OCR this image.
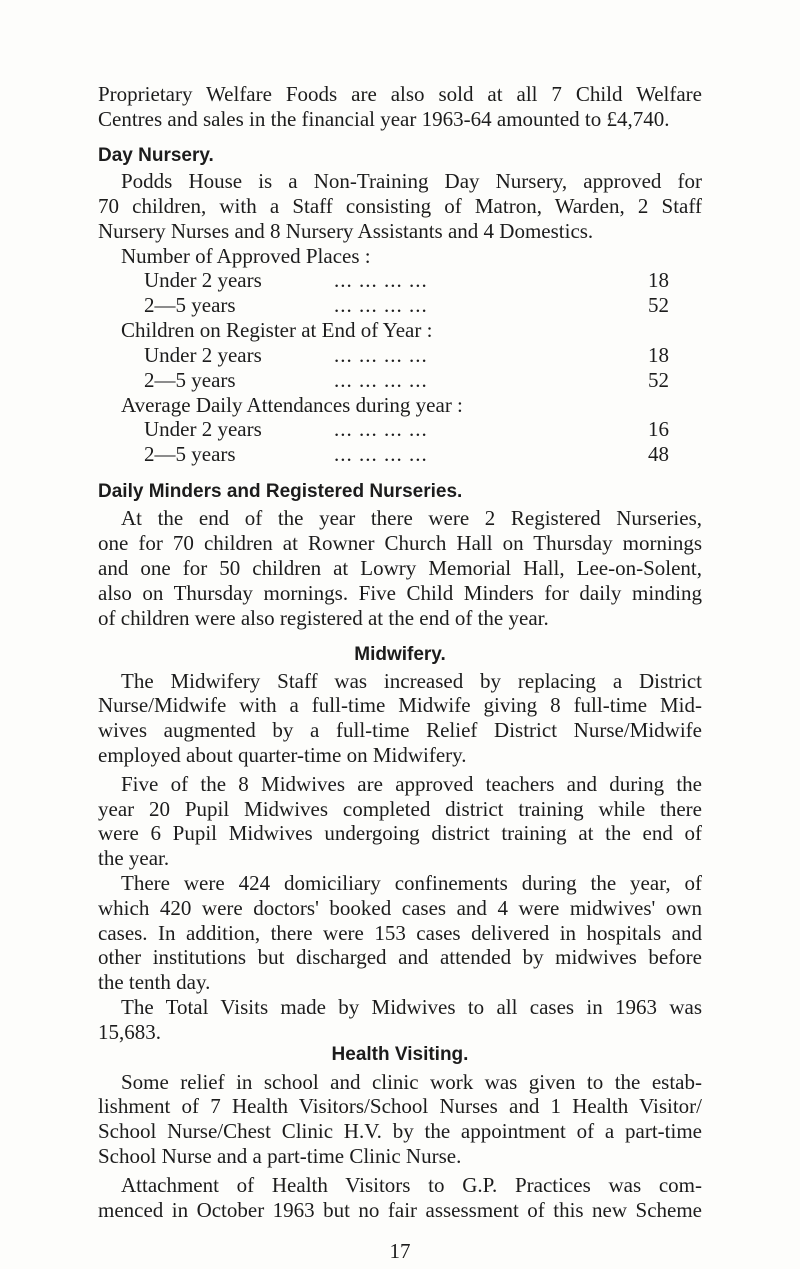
Proprietary Welfare Foods are also sold at all 7 Child Welfare
Centres and sales in the financial year 1963-64 amounted to £4,740.
Day Nursery.
Podds House is a Non-Training Day Nursery, approved for
70 children, with a Staff consisting of Matron, Warden, 2 Staff
Nursery Nurses and 8 Nursery Assistants and 4 Domestics.
Number of Approved Places :
Under 2 years	... ... ... ...	18
2—5 years	... ... ... ...	52
Children on Register at End of Year :
Under 2 years	... ... ... ...	18
2—5 years	... ... ... ...	52
Average Daily Attendances during year :
Under 2 years	... ... ... ...	16
2—5 years	... ... ... ...	48
Daily Minders and Registered Nurseries.
At the end of the year there were 2 Registered Nurseries,
one for 70 children at Rowner Church Hall on Thursday mornings
and one for 50 children at Lowry Memorial Hall, Lee-on-Solent,
also on Thursday mornings. Five Child Minders for daily minding
of children were also registered at the end of the year.
Midwifery.
The Midwifery Staff was increased by replacing a District
Nurse/Midwife with a full-time Midwife giving 8 full-time Mid-
wives augmented by a full-time Relief District Nurse/Midwife
employed about quarter-time on Midwifery.
Five of the 8 Midwives are approved teachers and during the
year 20 Pupil Midwives completed district training while there
were 6 Pupil Midwives undergoing district training at the end of
the year.
There were 424 domiciliary confinements during the year, of
which 420 were doctors' booked cases and 4 were midwives' own
cases. In addition, there were 153 cases delivered in hospitals and
other institutions but discharged and attended by midwives before
the tenth day.
The Total Visits made by Midwives to all cases in 1963 was
15,683.
Health Visiting.
Some relief in school and clinic work was given to the estab-
lishment of 7 Health Visitors/School Nurses and 1 Health Visitor/
School Nurse/Chest Clinic H.V. by the appointment of a part-time
School Nurse and a part-time Clinic Nurse.
Attachment of Health Visitors to G.P. Practices was com-
menced in October 1963 but no fair assessment of this new Scheme
17
